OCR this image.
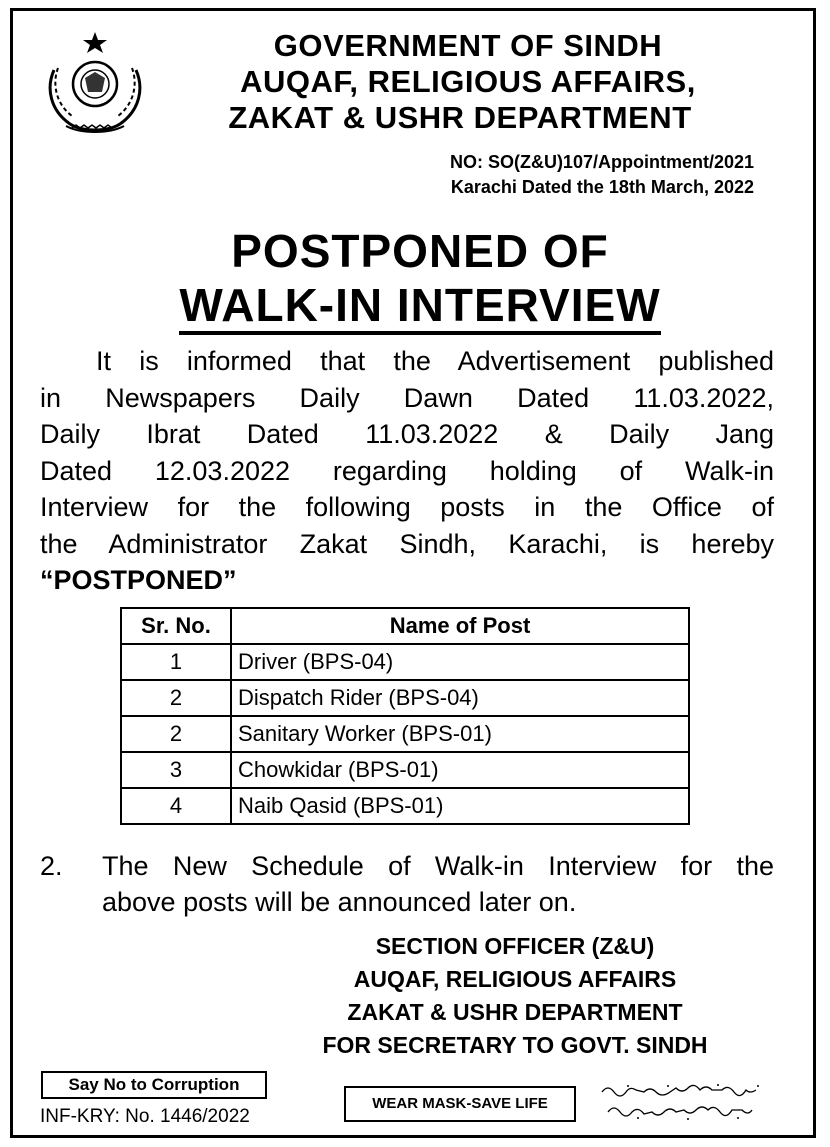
GOVERNMENT OF SINDH
AUQAF, RELIGIOUS AFFAIRS,
ZAKAT & USHR DEPARTMENT
NO: SO(Z&U)107/Appointment/2021
Karachi Dated the 18th March, 2022
POSTPONED OF
WALK-IN INTERVIEW
It is informed that the Advertisement published
in Newspapers Daily Dawn Dated 11.03.2022,
Daily Ibrat Dated 11.03.2022 & Daily Jang
Dated 12.03.2022 regarding holding of Walk-in
Interview for the following posts in the Office of
the Administrator Zakat Sindh, Karachi, is hereby
“POSTPONED”
Sr. No.	Name of Post
1	Driver (BPS-04)
2	Dispatch Rider (BPS-04)
2	Sanitary Worker (BPS-01)
3	Chowkidar (BPS-01)
4	Naib Qasid (BPS-01)
2. The New Schedule of Walk-in Interview for the
above posts will be announced later on.
SECTION OFFICER (Z&U)
AUQAF, RELIGIOUS AFFAIRS
ZAKAT & USHR DEPARTMENT
FOR SECRETARY TO GOVT. SINDH
Say No to Corruption
INF-KRY: No. 1446/2022
WEAR MASK-SAVE LIFE
